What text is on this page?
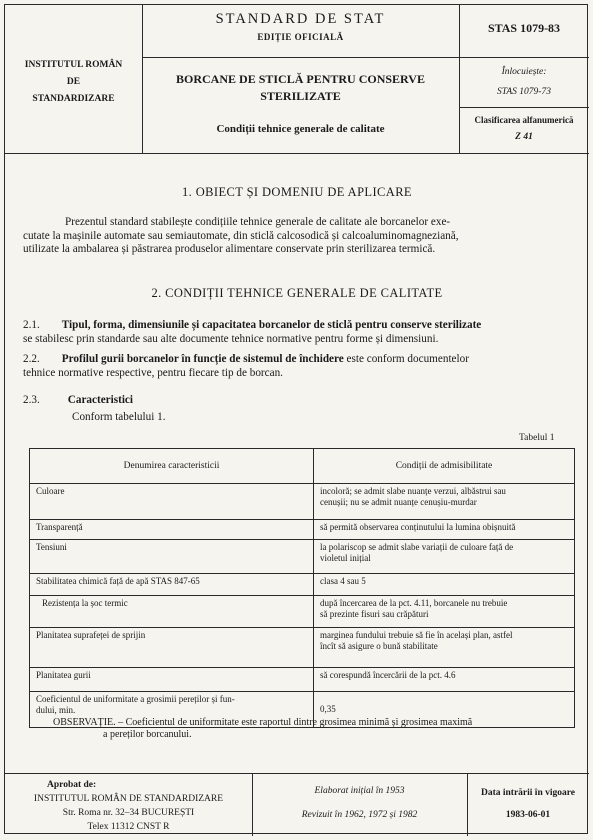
INSTITUTUL ROMÂN
DE
STANDARDIZARE
STANDARD DE STAT
EDIȚIE OFICIALĂ
BORCANE DE STICLĂ PENTRU CONSERVE
STERILIZATE
Condiții tehnice generale de calitate
STAS 1079-83
Înlocuiește:
STAS 1079-73
Clasificarea alfanumerică
Z 41
1. OBIECT ȘI DOMENIU DE APLICARE
Prezentul standard stabilește condițiile tehnice generale de calitate ale borcanelor exe-
cutate la mașinile automate sau semiautomate, din sticlă calcosodică și calcoaluminomagneziană,
utilizate la ambalarea și păstrarea produselor alimentare conservate prin sterilizarea termică.
2. CONDIȚII TEHNICE GENERALE DE CALITATE
2.1. Tipul, forma, dimensiunile și capacitatea borcanelor de sticlă pentru conserve sterilizate
se stabilesc prin standarde sau alte documente tehnice normative pentru forme și dimensiuni.
2.2. Profilul gurii borcanelor în funcție de sistemul de închidere este conform documentelor
tehnice normative respective, pentru fiecare tip de borcan.
2.3.	Caracteristici
Conform tabelului 1.
Tabelul 1
Denumirea caracteristicii	Condiții de admisibilitate
Culoare	incoloră; se admit slabe nuanțe verzui, albăstrui sau
cenușii; nu se admit nuanțe cenușiu-murdar

Transparență	să permită observarea conținutului la lumina obișnuită

Tensiuni	la polariscop se admit slabe variații de culoare față de
violetul inițial

Stabilitatea chimică față de apă STAS 847-65	clasa 4 sau 5

Rezistența la șoc termic	după încercarea de la pct. 4.11, borcanele nu trebuie
să prezinte fisuri sau crăpături

Planitatea suprafeței de sprijin	marginea fundului trebuie să fie în același plan, astfel
încît să asigure o bună stabilitate

Planitatea gurii	să corespundă încercării de la pct. 4.6

Coeficientul de uniformitate a grosimii pereților și fun-
dului, min.	0,35
OBSERVAȚIE. – Coeficientul de uniformitate este raportul dintre grosimea minimă și grosimea maximă
a pereților borcanului.
Aprobat de:
INSTITUTUL ROMÂN DE STANDARDIZARE
Str. Roma nr. 32–34 BUCUREȘTI
Telex 11312 CNST R
Elaborat inițial în 1953
Revizuit în 1962, 1972 și 1982
Data intrării în vigoare
1983-06-01
